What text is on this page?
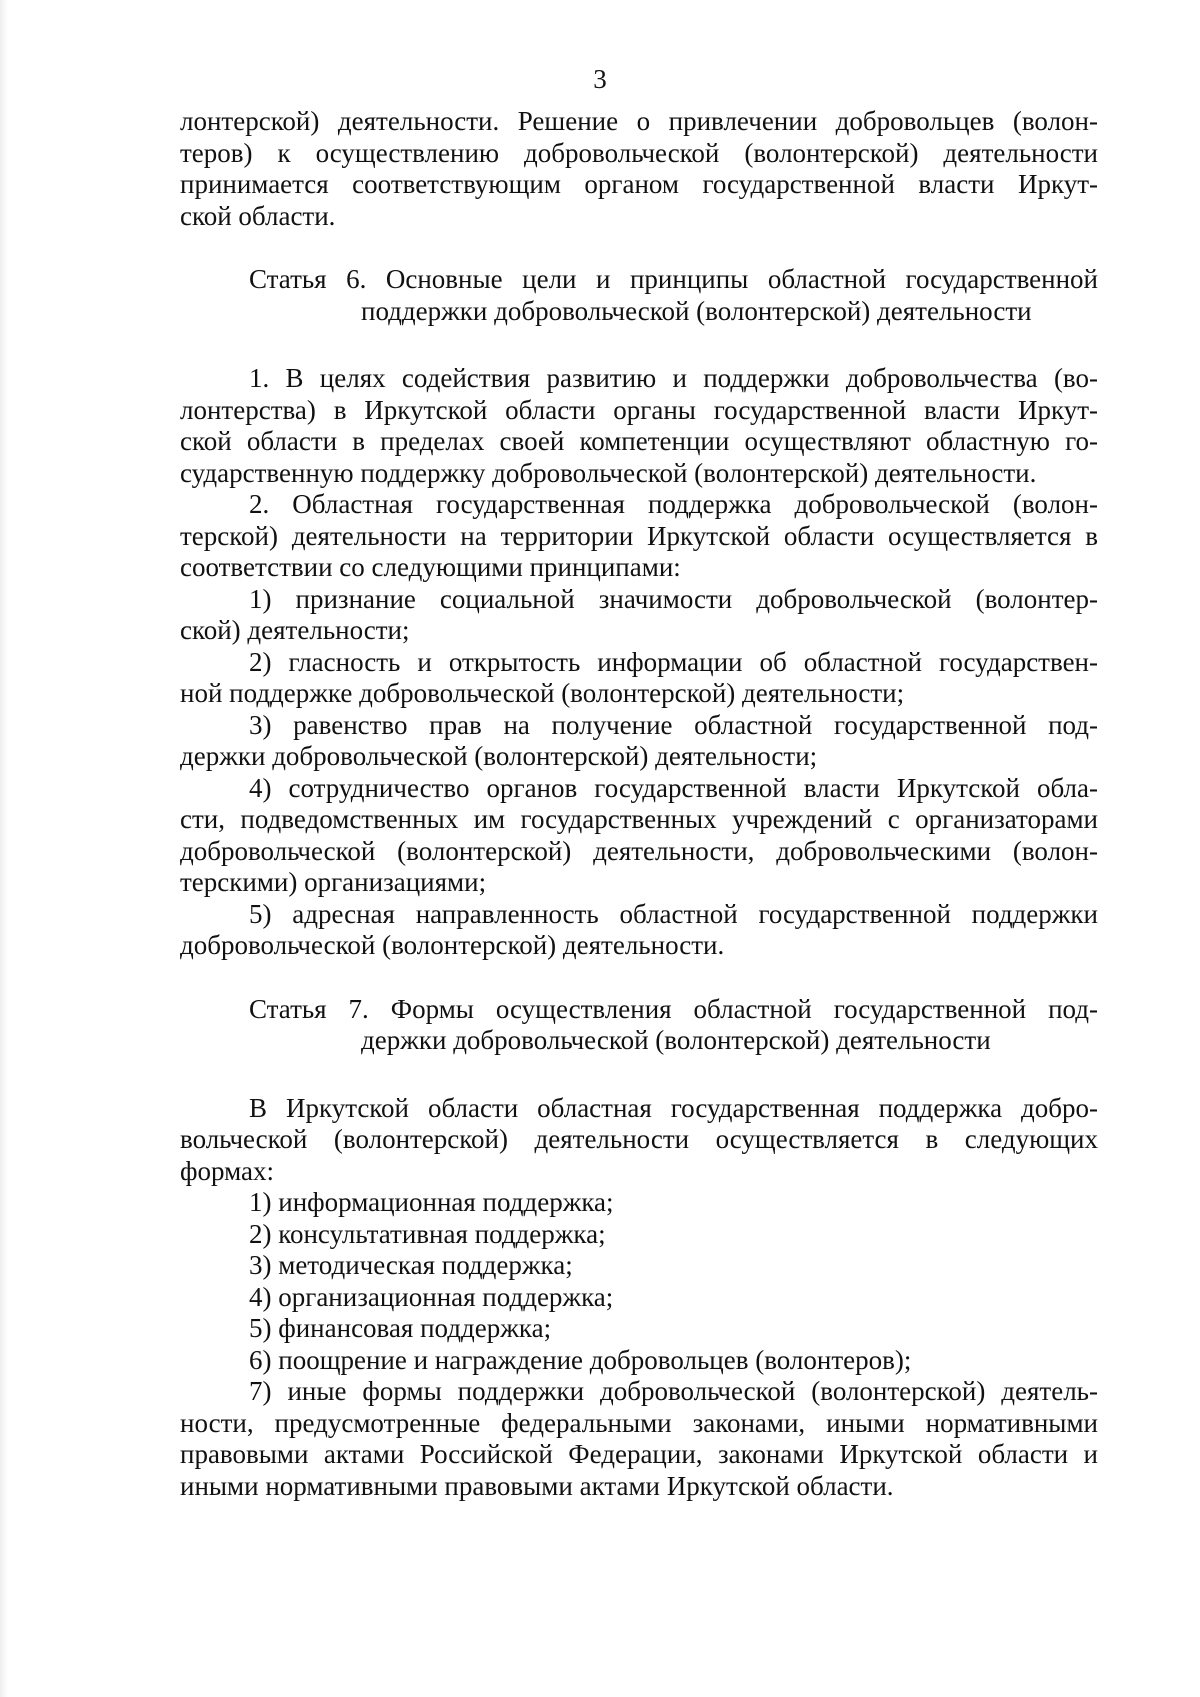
3
лонтерской) деятельности. Решение о привлечении добровольцев (волон-
теров) к осуществлению добровольческой (волонтерской) деятельности
принимается соответствующим органом государственной власти Иркут-
ской области.
Статья 6. Основные цели и принципы областной государственной
поддержки добровольческой (волонтерской) деятельности
1. В целях содействия развитию и поддержки добровольчества (во-
лонтерства) в Иркутской области органы государственной власти Иркут-
ской области в пределах своей компетенции осуществляют областную го-
сударственную поддержку добровольческой (волонтерской) деятельности.
2. Областная государственная поддержка добровольческой (волон-
терской) деятельности на территории Иркутской области осуществляется в
соответствии со следующими принципами:
1) признание социальной значимости добровольческой (волонтер-
ской) деятельности;
2) гласность и открытость информации об областной государствен-
ной поддержке добровольческой (волонтерской) деятельности;
3) равенство прав на получение областной государственной под-
держки добровольческой (волонтерской) деятельности;
4) сотрудничество органов государственной власти Иркутской обла-
сти, подведомственных им государственных учреждений с организаторами
добровольческой (волонтерской) деятельности, добровольческими (волон-
терскими) организациями;
5) адресная направленность областной государственной поддержки
добровольческой (волонтерской) деятельности.
Статья 7. Формы осуществления областной государственной под-
держки добровольческой (волонтерской) деятельности
В Иркутской области областная государственная поддержка добро-
вольческой (волонтерской) деятельности осуществляется в следующих
формах:
1) информационная поддержка;
2) консультативная поддержка;
3) методическая поддержка;
4) организационная поддержка;
5) финансовая поддержка;
6) поощрение и награждение добровольцев (волонтеров);
7) иные формы поддержки добровольческой (волонтерской) деятель-
ности, предусмотренные федеральными законами, иными нормативными
правовыми актами Российской Федерации, законами Иркутской области и
иными нормативными правовыми актами Иркутской области.
